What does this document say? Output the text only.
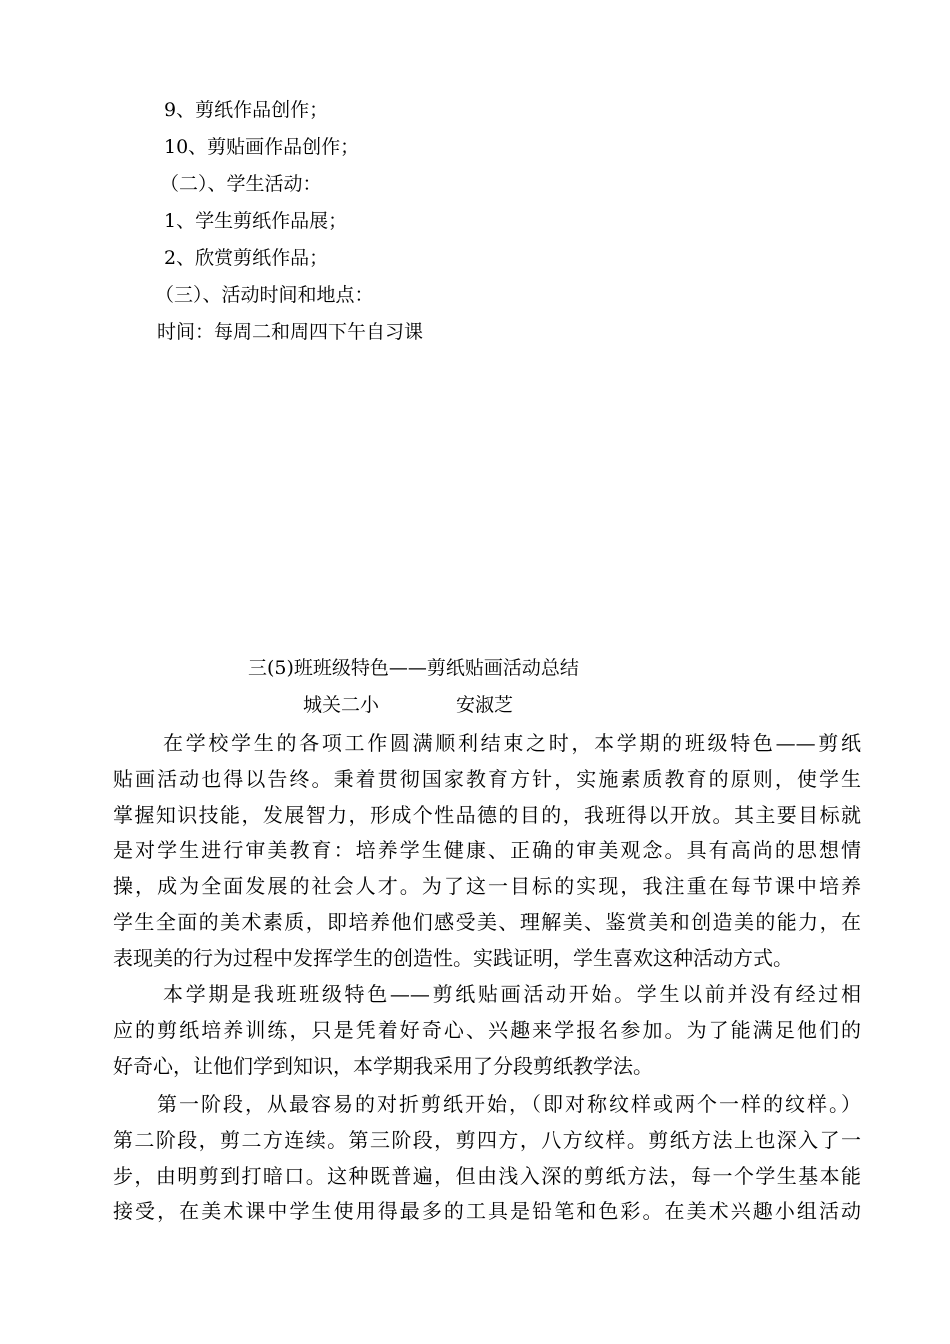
9、剪纸作品创作；
10、剪贴画作品创作；
（二）、学生活动：
1、学生剪纸作品展；
2、欣赏剪纸作品；
（三）、活动时间和地点：
时间：每周二和周四下午自习课
三(5)班班级特色——剪纸贴画活动总结
城关二小	安淑芝
在学校学生的各项工作圆满顺利结束之时，本学期的班级特色——剪纸
贴画活动也得以告终。秉着贯彻国家教育方针，实施素质教育的原则，使学生
掌握知识技能，发展智力，形成个性品德的目的，我班得以开放。其主要目标就
是对学生进行审美教育：培养学生健康、正确的审美观念。具有高尚的思想情
操，成为全面发展的社会人才。为了这一目标的实现，我注重在每节课中培养
学生全面的美术素质，即培养他们感受美、理解美、鉴赏美和创造美的能力，在
表现美的行为过程中发挥学生的创造性。实践证明，学生喜欢这种活动方式。
本学期是我班班级特色——剪纸贴画活动开始。学生以前并没有经过相
应的剪纸培养训练，只是凭着好奇心、兴趣来学报名参加。为了能满足他们的
好奇心，让他们学到知识，本学期我采用了分段剪纸教学法。
第一阶段，从最容易的对折剪纸开始，（即对称纹样或两个一样的纹样。）
第二阶段，剪二方连续。第三阶段，剪四方，八方纹样。剪纸方法上也深入了一
步，由明剪到打暗口。这种既普遍，但由浅入深的剪纸方法，每一个学生基本能
接受，在美术课中学生使用得最多的工具是铅笔和色彩。在美术兴趣小组活动
